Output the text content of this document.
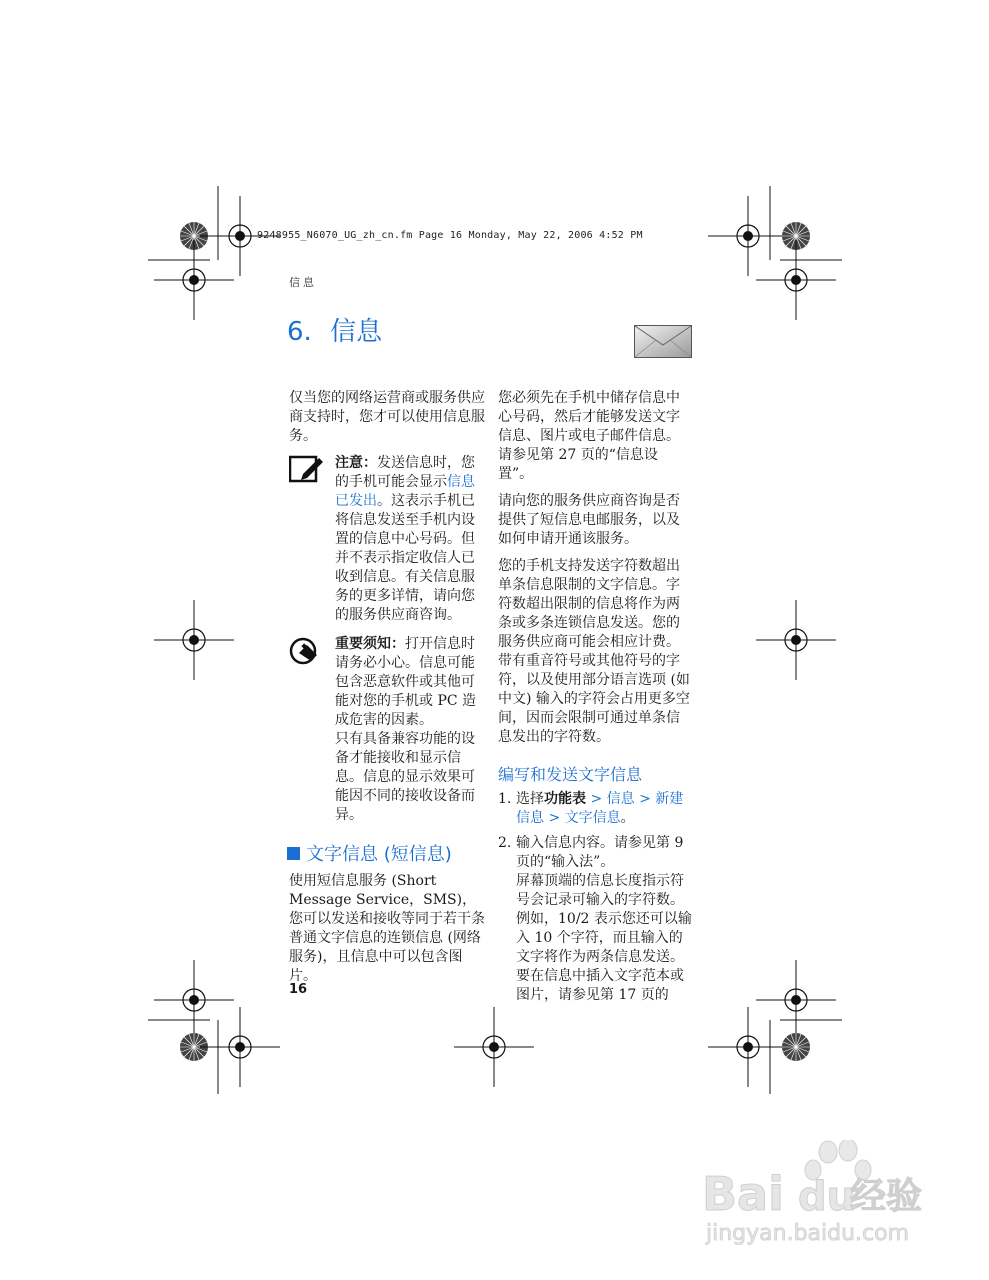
9248955_N6070_UG_zh_cn.fm Page 16 Monday, May 22, 2006 4:52 PM
信息
6. 信息

仅当您的网络运营商或服务供应商支持时，您才可以使用信息服务。

注意：发送信息时，您的手机可能会显示信息已发出。这表示手机已将信息发送至手机内设置的信息中心号码。但并不表示指定收信人已收到信息。有关信息服务的更多详情，请向您的服务供应商咨询。

重要须知：打开信息时请务必小心。信息可能包含恶意软件或其他可能对您的手机或 PC 造成危害的因素。

只有具备兼容功能的设备才能接收和显示信息。信息的显示效果可能因不同的接收设备而异。

文字信息 (短信息)

使用短信息服务 (Short Message Service，SMS)，您可以发送和接收等同于若干条普通文字信息的连锁信息 (网络服务)，且信息中可以包含图片。

您必须先在手机中储存信息中心号码，然后才能够发送文字信息、图片或电子邮件信息。请参见第 27 页的“信息设置”。

请向您的服务供应商咨询是否提供了短信息电邮服务，以及如何申请开通该服务。

您的手机支持发送字符数超出单条信息限制的文字信息。字符数超出限制的信息将作为两条或多条连锁信息发送。您的服务供应商可能会相应计费。带有重音符号或其他符号的字符，以及使用部分语言选项 (如中文) 输入的字符会占用更多空间，因而会限制可通过单条信息发出的字符数。

编写和发送文字信息
1. 选择功能表 > 信息 > 新建信息 > 文字信息。
2. 输入信息内容。请参见第 9 页的“输入法”。
屏幕顶端的信息长度指示符号会记录可输入的字符数。例如，10/2 表示您还可以输入 10 个字符，而且输入的文字将作为两条信息发送。
要在信息中插入文字范本或图片，请参见第 17 页的
16
Bai du
经验
jingyan.baidu.com
